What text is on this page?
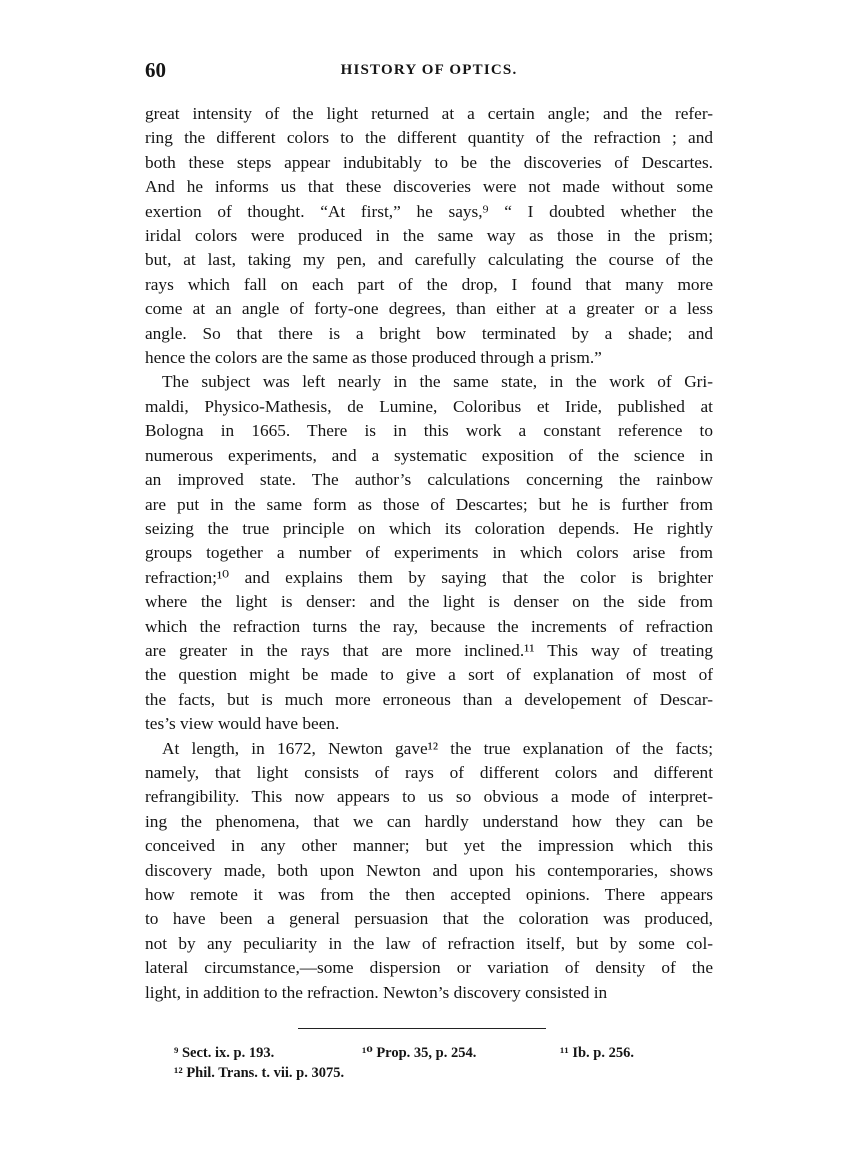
60	HISTORY OF OPTICS.
great intensity of the light returned at a certain angle; and the refer-
ring the different colors to the different quantity of the refraction ; and
both these steps appear indubitably to be the discoveries of Descartes.
And he informs us that these discoveries were not made without some
exertion of thought. “At first,” he says,⁹ “ I doubted whether the
iridal colors were produced in the same way as those in the prism;
but, at last, taking my pen, and carefully calculating the course of the
rays which fall on each part of the drop, I found that many more
come at an angle of forty-one degrees, than either at a greater or a less
angle. So that there is a bright bow terminated by a shade; and
hence the colors are the same as those produced through a prism.”
The subject was left nearly in the same state, in the work of Gri-
maldi, Physico-Mathesis, de Lumine, Coloribus et Iride, published at
Bologna in 1665. There is in this work a constant reference to
numerous experiments, and a systematic exposition of the science in
an improved state. The author’s calculations concerning the rainbow
are put in the same form as those of Descartes; but he is further from
seizing the true principle on which its coloration depends. He rightly
groups together a number of experiments in which colors arise from
refraction;¹⁰ and explains them by saying that the color is brighter
where the light is denser: and the light is denser on the side from
which the refraction turns the ray, because the increments of refraction
are greater in the rays that are more inclined.¹¹ This way of treating
the question might be made to give a sort of explanation of most of
the facts, but is much more erroneous than a developement of Descar-
tes’s view would have been.
At length, in 1672, Newton gave¹² the true explanation of the facts;
namely, that light consists of rays of different colors and different
refrangibility. This now appears to us so obvious a mode of interpret-
ing the phenomena, that we can hardly understand how they can be
conceived in any other manner; but yet the impression which this
discovery made, both upon Newton and upon his contemporaries, shows
how remote it was from the then accepted opinions. There appears
to have been a general persuasion that the coloration was produced,
not by any peculiarity in the law of refraction itself, but by some col-
lateral circumstance,—some dispersion or variation of density of the
light, in addition to the refraction. Newton’s discovery consisted in
⁹ Sect. ix. p. 193.	¹⁰ Prop. 35, p. 254.	¹¹ Ib. p. 256.
¹² Phil. Trans. t. vii. p. 3075.
